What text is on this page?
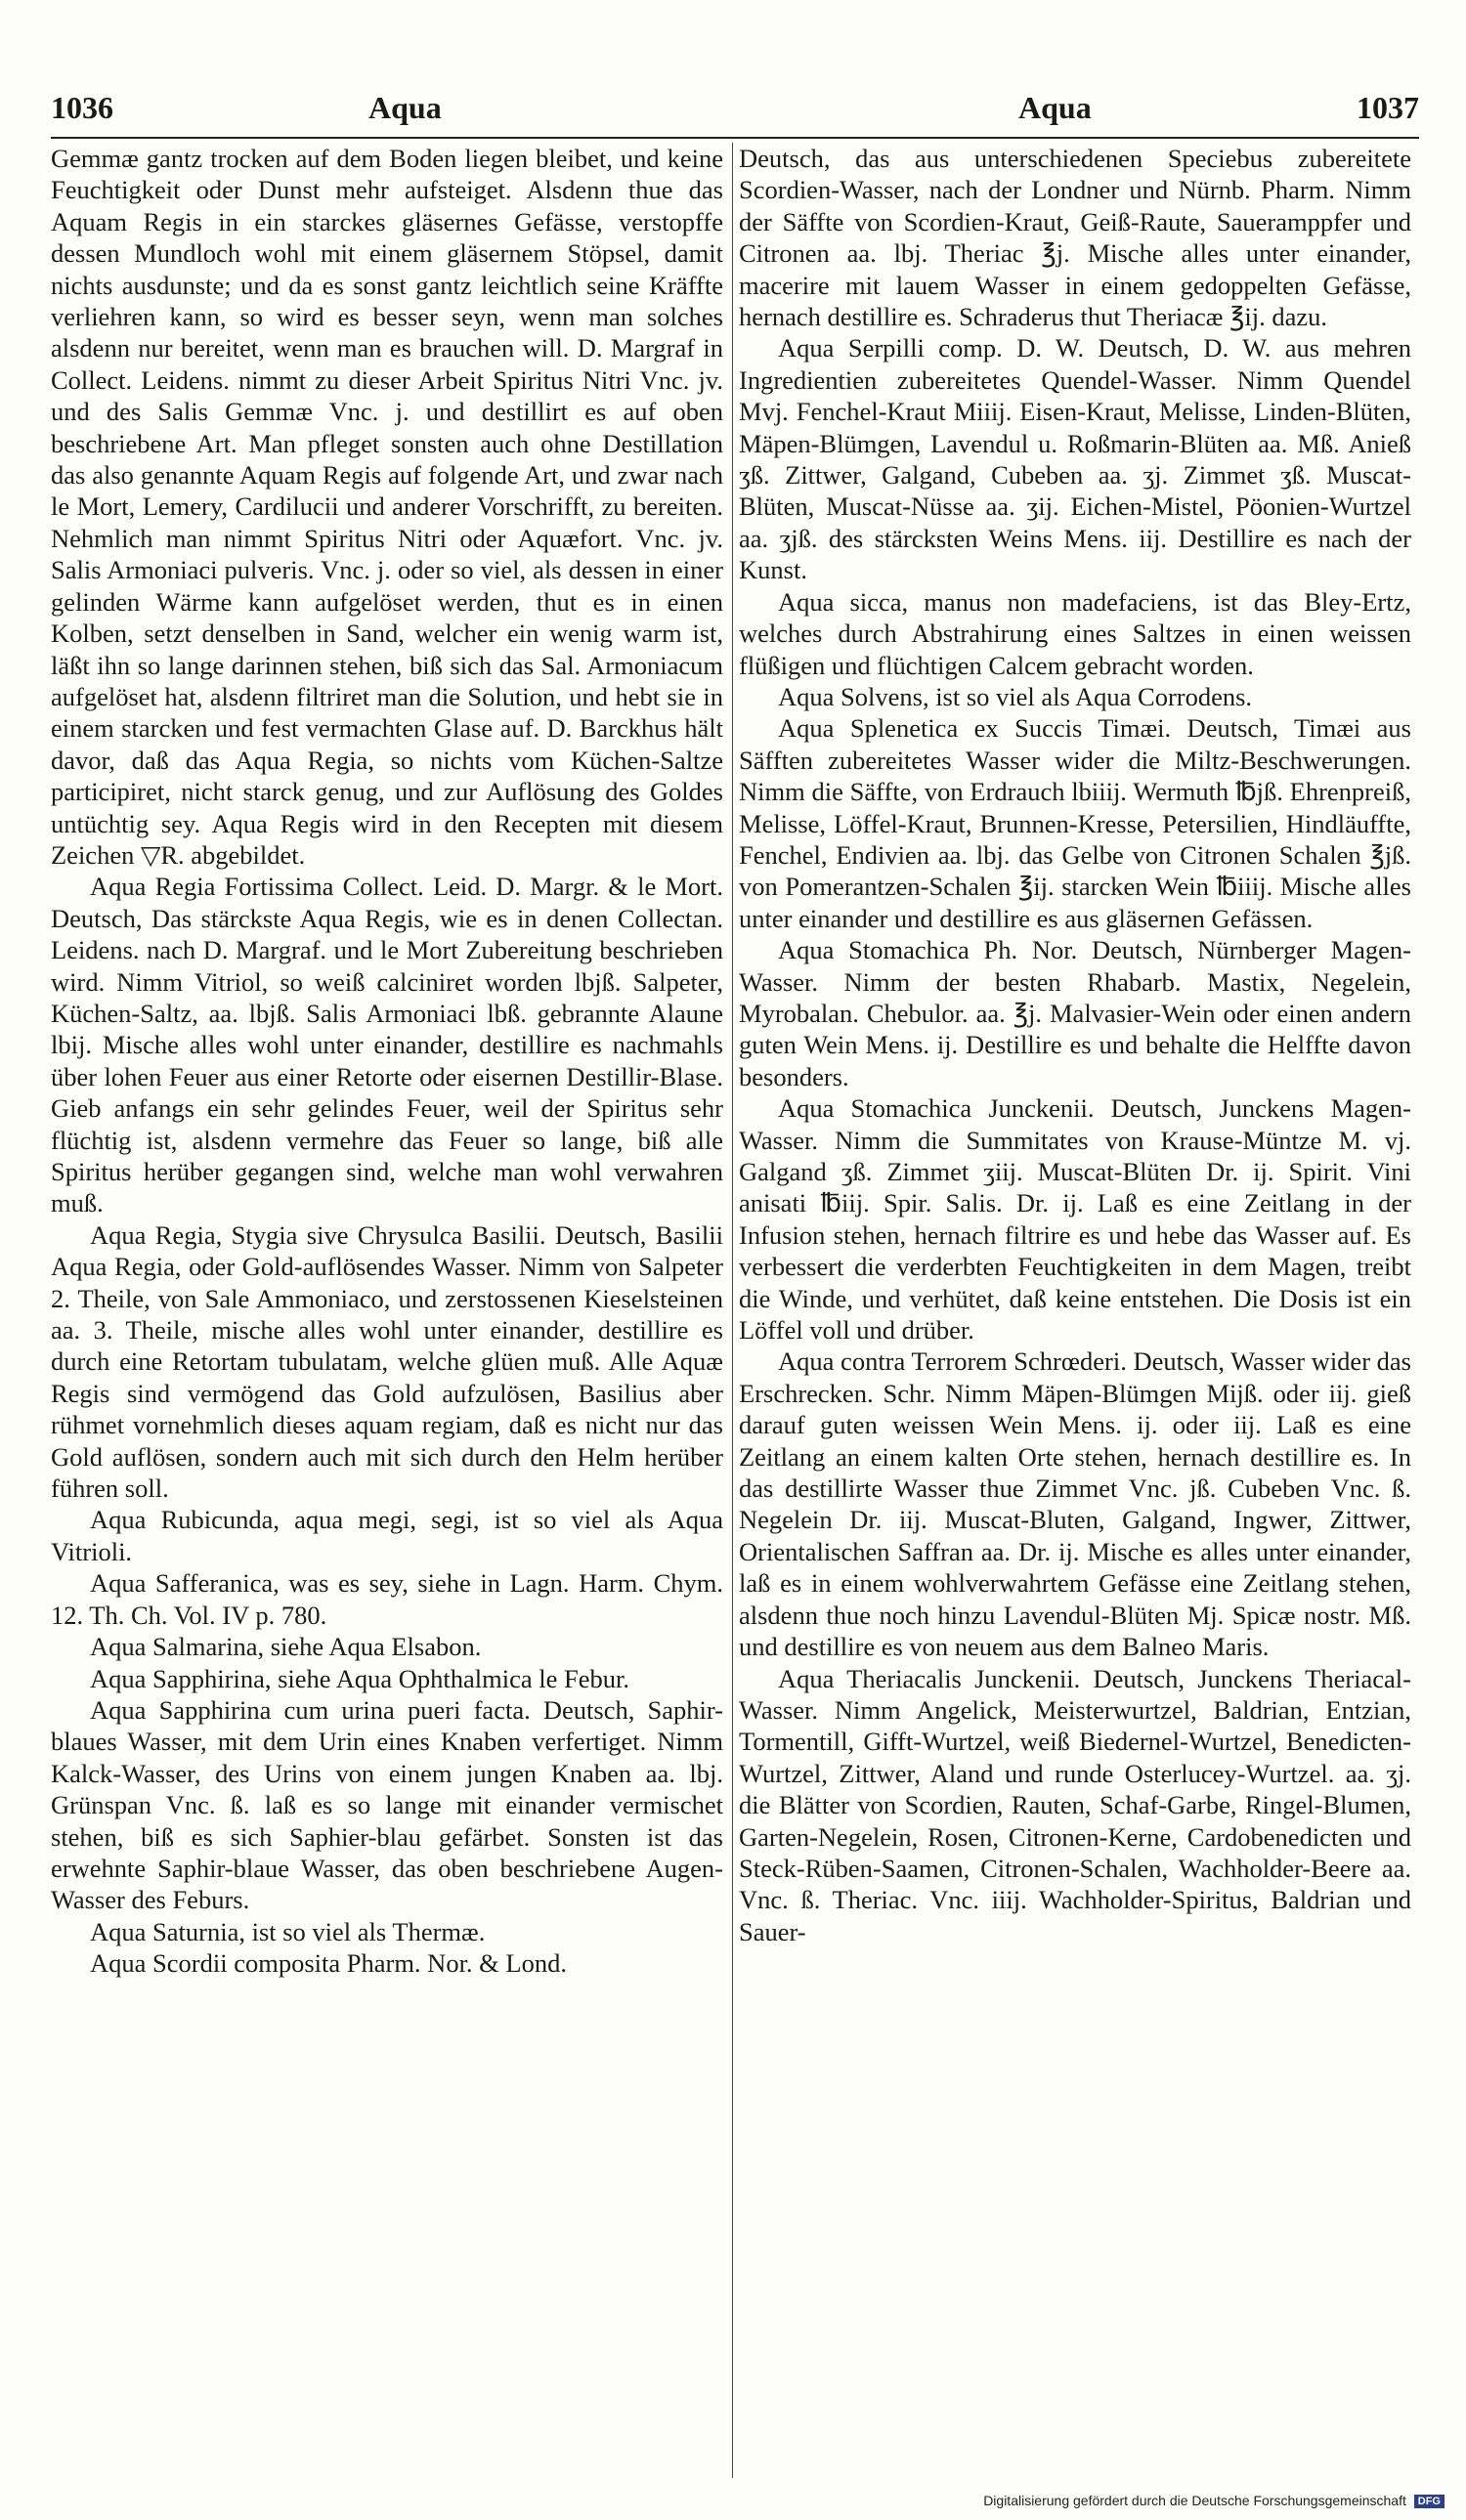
1036	Aqua	Aqua	1037

Gemmæ gantz trocken auf dem Boden liegen bleibet, und keine Feuchtigkeit oder Dunst mehr aufsteiget. Alsdenn thue das Aquam Regis in ein starckes gläsernes Gefässe, verstopffe dessen Mundloch wohl mit einem gläsernem Stöpsel, damit nichts ausdunste; und da es sonst gantz leichtlich seine Kräffte verliehren kann, so wird es besser seyn, wenn man solches alsdenn nur bereitet, wenn man es brauchen will. D. Margraf in Collect. Leidens. nimmt zu dieser Arbeit Spiritus Nitri Vnc. jv. und des Salis Gemmæ Vnc. j. und destillirt es auf oben beschriebene Art. Man pfleget sonsten auch ohne Destillation das also genannte Aquam Regis auf folgende Art, und zwar nach le Mort, Lemery, Cardilucii und anderer Vorschrifft, zu bereiten. Nehmlich man nimmt Spiritus Nitri oder Aquæfort. Vnc. jv. Salis Armoniaci pulveris. Vnc. j. oder so viel, als dessen in einer gelinden Wärme kann aufgelöset werden, thut es in einen Kolben, setzt denselben in Sand, welcher ein wenig warm ist, läßt ihn so lange darinnen stehen, biß sich das Sal. Armoniacum aufgelöset hat, alsdenn filtriret man die Solution, und hebt sie in einem starcken und fest vermachten Glase auf. D. Barckhus hält davor, daß das Aqua Regia, so nichts vom Küchen-Saltze participiret, nicht starck genug, und zur Auflösung des Goldes untüchtig sey. Aqua Regis wird in den Recepten mit diesem Zeichen ▽R. abgebildet.

Aqua Regia Fortissima Collect. Leid. D. Margr. & le Mort. Deutsch, Das stärckste Aqua Regis, wie es in denen Collectan. Leidens. nach D. Margraf. und le Mort Zubereitung beschrieben wird. Nimm Vitriol, so weiß calciniret worden lbjß. Salpeter, Küchen-Saltz, aa. lbjß. Salis Armoniaci lbß. gebrannte Alaune lbij. Mische alles wohl unter einander, destillire es nachmahls über lohen Feuer aus einer Retorte oder eisernen Destillir-Blase. Gieb anfangs ein sehr gelindes Feuer, weil der Spiritus sehr flüchtig ist, alsdenn vermehre das Feuer so lange, biß alle Spiritus herüber gegangen sind, welche man wohl verwahren muß.

Aqua Regia, Stygia sive Chrysulca Basilii. Deutsch, Basilii Aqua Regia, oder Gold-auflösendes Wasser. Nimm von Salpeter 2. Theile, von Sale Ammoniaco, und zerstossenen Kieselsteinen aa. 3. Theile, mische alles wohl unter einander, destillire es durch eine Retortam tubulatam, welche glüen muß. Alle Aquæ Regis sind vermögend das Gold aufzulösen, Basilius aber rühmet vornehmlich dieses aquam regiam, daß es nicht nur das Gold auflösen, sondern auch mit sich durch den Helm herüber führen soll.

Aqua Rubicunda, aqua megi, segi, ist so viel als Aqua Vitrioli.

Aqua Safferanica, was es sey, siehe in Lagn. Harm. Chym. 12. Th. Ch. Vol. IV p. 780.

Aqua Salmarina, siehe Aqua Elsabon.

Aqua Sapphirina, siehe Aqua Ophthalmica le Febur.

Aqua Sapphirina cum urina pueri facta. Deutsch, Saphir-blaues Wasser, mit dem Urin eines Knaben verfertiget. Nimm Kalck-Wasser, des Urins von einem jungen Knaben aa. lbj. Grünspan Vnc. ß. laß es so lange mit einander vermischet stehen, biß es sich Saphier-blau gefärbet. Sonsten ist das erwehnte Saphir-blaue Wasser, das oben beschriebene Augen-Wasser des Feburs.

Aqua Saturnia, ist so viel als Thermæ.

Aqua Scordii composita Pharm. Nor. & Lond.

Deutsch, das aus unterschiedenen Speciebus zubereitete Scordien-Wasser, nach der Londner und Nürnb. Pharm. Nimm der Säffte von Scordien-Kraut, Geiß-Raute, Saueramppfer und Citronen aa. lbj. Theriac ℥j. Mische alles unter einander, macerire mit lauem Wasser in einem gedoppelten Gefässe, hernach destillire es. Schraderus thut Theriacæ ℥ij. dazu.

Aqua Serpilli comp. D. W. Deutsch, D. W. aus mehren Ingredientien zubereitetes Quendel-Wasser. Nimm Quendel Mvj. Fenchel-Kraut Miiij. Eisen-Kraut, Melisse, Linden-Blüten, Mäpen-Blümgen, Lavendul u. Roßmarin-Blüten aa. Mß. Anieß ʒß. Zittwer, Galgand, Cubeben aa. ʒj. Zimmet ʒß. Muscat-Blüten, Muscat-Nüsse aa. ʒij. Eichen-Mistel, Pöonien-Wurtzel aa. ʒjß. des stärcksten Weins Mens. iij. Destillire es nach der Kunst.

Aqua sicca, manus non madefaciens, ist das Bley-Ertz, welches durch Abstrahirung eines Saltzes in einen weissen flüßigen und flüchtigen Calcem gebracht worden.

Aqua Solvens, ist so viel als Aqua Corrodens.

Aqua Splenetica ex Succis Timæi. Deutsch, Timæi aus Säfften zubereitetes Wasser wider die Miltz-Beschwerungen. Nimm die Säffte, von Erdrauch lbiiij. Wermuth ℔jß. Ehrenpreiß, Melisse, Löffel-Kraut, Brunnen-Kresse, Petersilien, Hindläuffte, Fenchel, Endivien aa. lbj. das Gelbe von Citronen Schalen ℥jß. von Pomerantzen-Schalen ℥ij. starcken Wein ℔iiij. Mische alles unter einander und destillire es aus gläsernen Gefässen.

Aqua Stomachica Ph. Nor. Deutsch, Nürnberger Magen-Wasser. Nimm der besten Rhabarb. Mastix, Negelein, Myrobalan. Chebulor. aa. ℥j. Malvasier-Wein oder einen andern guten Wein Mens. ij. Destillire es und behalte die Helffte davon besonders.

Aqua Stomachica Junckenii. Deutsch, Junckens Magen-Wasser. Nimm die Summitates von Krause-Müntze M. vj. Galgand ʒß. Zimmet ʒiij. Muscat-Blüten Dr. ij. Spirit. Vini anisati ℔iij. Spir. Salis. Dr. ij. Laß es eine Zeitlang in der Infusion stehen, hernach filtrire es und hebe das Wasser auf. Es verbessert die verderbten Feuchtigkeiten in dem Magen, treibt die Winde, und verhütet, daß keine entstehen. Die Dosis ist ein Löffel voll und drüber.

Aqua contra Terrorem Schrœderi. Deutsch, Wasser wider das Erschrecken. Schr. Nimm Mäpen-Blümgen Mijß. oder iij. gieß darauf guten weissen Wein Mens. ij. oder iij. Laß es eine Zeitlang an einem kalten Orte stehen, hernach destillire es. In das destillirte Wasser thue Zimmet Vnc. jß. Cubeben Vnc. ß. Negelein Dr. iij. Muscat-Bluten, Galgand, Ingwer, Zittwer, Orientalischen Saffran aa. Dr. ij. Mische es alles unter einander, laß es in einem wohlverwahrtem Gefässe eine Zeitlang stehen, alsdenn thue noch hinzu Lavendul-Blüten Mj. Spicæ nostr. Mß. und destillire es von neuem aus dem Balneo Maris.

Aqua Theriacalis Junckenii. Deutsch, Junckens Theriacal-Wasser. Nimm Angelick, Meisterwurtzel, Baldrian, Entzian, Tormentill, Gifft-Wurtzel, weiß Biedernel-Wurtzel, Benedicten-Wurtzel, Zittwer, Aland und runde Osterlucey-Wurtzel. aa. ʒj. die Blätter von Scordien, Rauten, Schaf-Garbe, Ringel-Blumen, Garten-Negelein, Rosen, Citronen-Kerne, Cardobenedicten und Steck-Rüben-Saamen, Citronen-Schalen, Wachholder-Beere aa. Vnc. ß. Theriac. Vnc. iiij. Wachholder-Spiritus, Baldrian und Sauer-

Digitalisierung gefördert durch die Deutsche Forschungsgemeinschaft DFG
